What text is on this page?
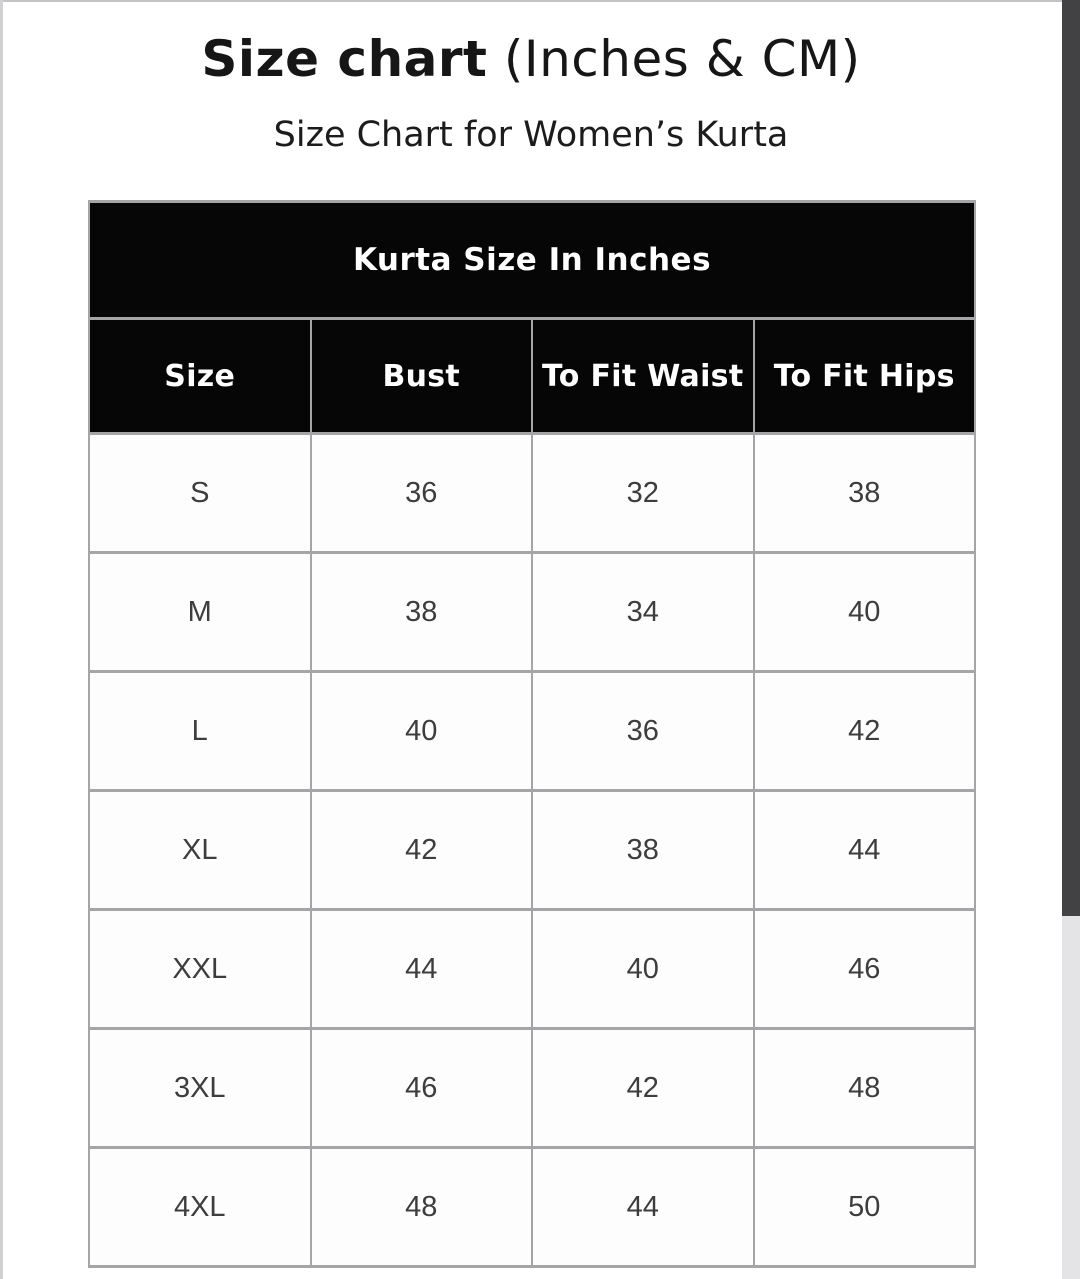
Size chart (Inches & CM)
Size Chart for Women’s Kurta
Kurta Size In Inches			
Size	Bust	To Fit Waist	To Fit Hips
S	36	32	38
M	38	34	40
L	40	36	42
XL	42	38	44
XXL	44	40	46
3XL	46	42	48
4XL	48	44	50
